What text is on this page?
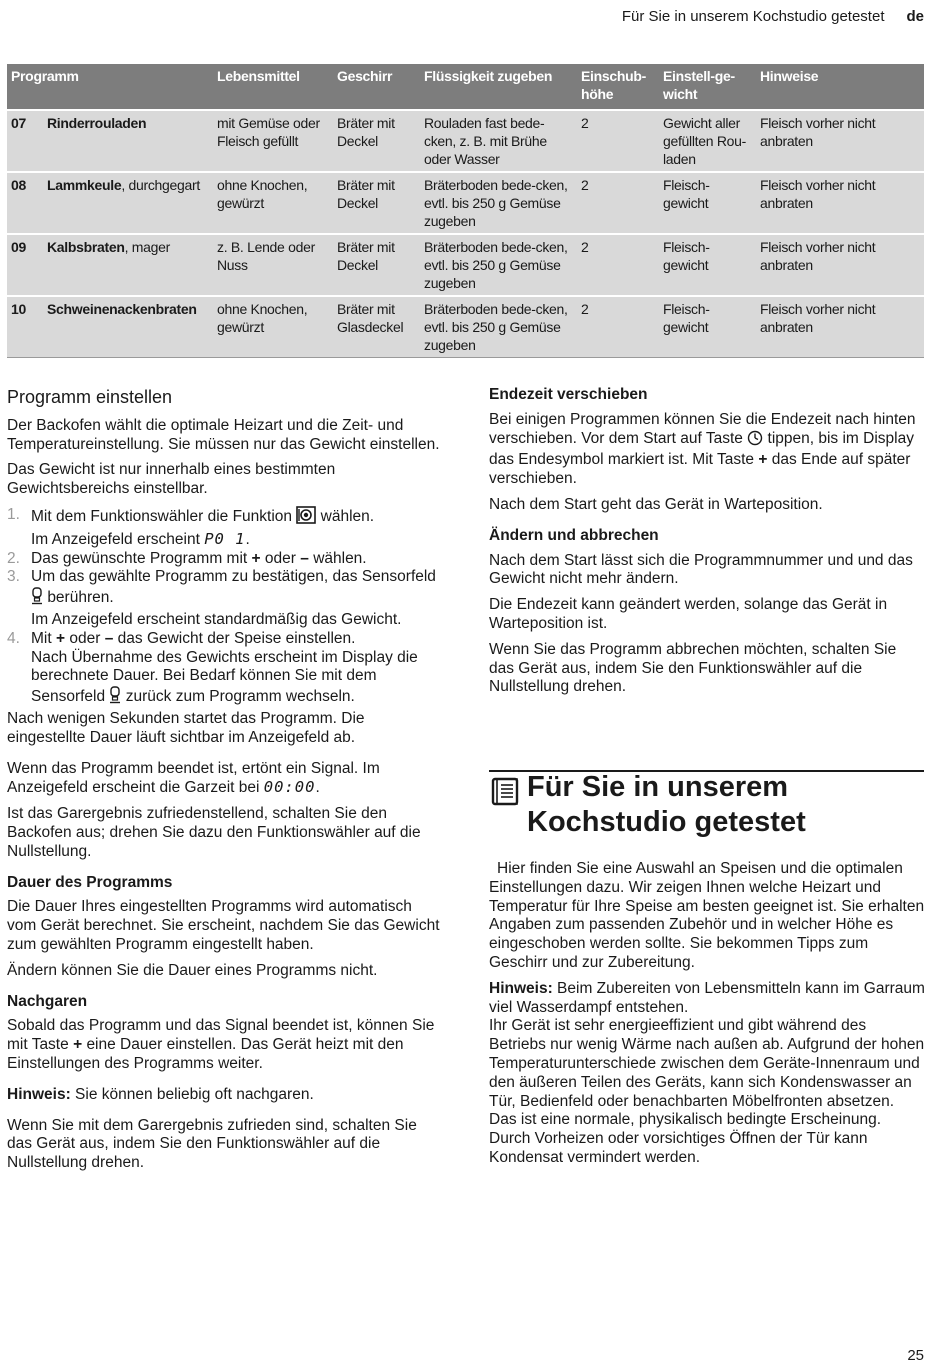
Für Sie in unserem Kochstudio getestet de
Programm	Lebensmittel	Geschirr	Flüssigkeit zugeben	Einschub-höhe	Einstell-ge-wicht	Hinweise
07 Rinderrouladen	mit Gemüse oder Fleisch gefüllt	Bräter mit Deckel	Rouladen fast bede-cken, z. B. mit Brühe oder Wasser	2	Gewicht aller gefüllten Rou-laden	Fleisch vorher nicht anbraten
08 Lammkeule, durchgegart	ohne Knochen, gewürzt	Bräter mit Deckel	Bräterboden bede-cken, evtl. bis 250 g Gemüse zugeben	2	Fleisch-gewicht	Fleisch vorher nicht anbraten
09 Kalbsbraten, mager	z. B. Lende oder Nuss	Bräter mit Deckel	Bräterboden bede-cken, evtl. bis 250 g Gemüse zugeben	2	Fleisch-gewicht	Fleisch vorher nicht anbraten
10 Schweinenackenbraten	ohne Knochen, gewürzt	Bräter mit Glasdeckel	Bräterboden bede-cken, evtl. bis 250 g Gemüse zugeben	2	Fleisch-gewicht	Fleisch vorher nicht anbraten
Programm einstellen

Der Backofen wählt die optimale Heizart und die Zeit- und Temperatureinstellung. Sie müssen nur das Gewicht einstellen.

Das Gewicht ist nur innerhalb eines bestimmten Gewichtsbereichs einstellbar.

1. Mit dem Funktionswähler die Funktion wählen.
Im Anzeigefeld erscheint P0 1.
2. Das gewünschte Programm mit + oder – wählen.
3. Um das gewählte Programm zu bestätigen, das Sensorfeld  berühren.
Im Anzeigefeld erscheint standardmäßig das Gewicht.
4. Mit + oder – das Gewicht der Speise einstellen.
Nach Übernahme des Gewichts erscheint im Display die berechnete Dauer. Bei Bedarf können Sie mit dem Sensorfeld zurück zum Programm wechseln.

Nach wenigen Sekunden startet das Programm. Die eingestellte Dauer läuft sichtbar im Anzeigefeld ab.

Wenn das Programm beendet ist, ertönt ein Signal. Im Anzeigefeld erscheint die Garzeit bei 00:00.

Ist das Garergebnis zufriedenstellend, schalten Sie den Backofen aus; drehen Sie dazu den Funktionswähler auf die Nullstellung.

Dauer des Programms

Die Dauer Ihres eingestellten Programms wird automatisch vom Gerät berechnet. Sie erscheint, nachdem Sie das Gewicht zum gewählten Programm eingestellt haben.

Ändern können Sie die Dauer eines Programms nicht.

Nachgaren

Sobald das Programm und das Signal beendet ist, können Sie mit Taste + eine Dauer einstellen. Das Gerät heizt mit den Einstellungen des Programms weiter.

Hinweis: Sie können beliebig oft nachgaren.

Wenn Sie mit dem Garergebnis zufrieden sind, schalten Sie das Gerät aus, indem Sie den Funktionswähler auf die Nullstellung drehen.

Endezeit verschieben

Bei einigen Programmen können Sie die Endezeit nach hinten verschieben. Vor dem Start auf Taste tippen, bis im Display das Endesymbol markiert ist. Mit Taste + das Ende auf später verschieben.

Nach dem Start geht das Gerät in Warteposition.

Ändern und abbrechen

Nach dem Start lässt sich die Programmnummer und und das Gewicht nicht mehr ändern.

Die Endezeit kann geändert werden, solange das Gerät in Warteposition ist.

Wenn Sie das Programm abbrechen möchten, schalten Sie das Gerät aus, indem Sie den Funktionswähler auf die Nullstellung drehen.

Für Sie in unserem Kochstudio getestet

Hier finden Sie eine Auswahl an Speisen und die optimalen Einstellungen dazu. Wir zeigen Ihnen welche Heizart und Temperatur für Ihre Speise am besten geeignet ist. Sie erhalten Angaben zum passenden Zubehör und in welcher Höhe es eingeschoben werden sollte. Sie bekommen Tipps zum Geschirr und zur Zubereitung.

Hinweis: Beim Zubereiten von Lebensmitteln kann im Garraum viel Wasserdampf entstehen.
Ihr Gerät ist sehr energieeffizient und gibt während des Betriebs nur wenig Wärme nach außen ab. Aufgrund der hohen Temperaturunterschiede zwischen dem Geräte-Innenraum und den äußeren Teilen des Geräts, kann sich Kondenswasser an Tür, Bedienfeld oder benachbarten Möbelfronten absetzen. Das ist eine normale, physikalisch bedingte Erscheinung. Durch Vorheizen oder vorsichtiges Öffnen der Tür kann Kondensat vermindert werden.

25
